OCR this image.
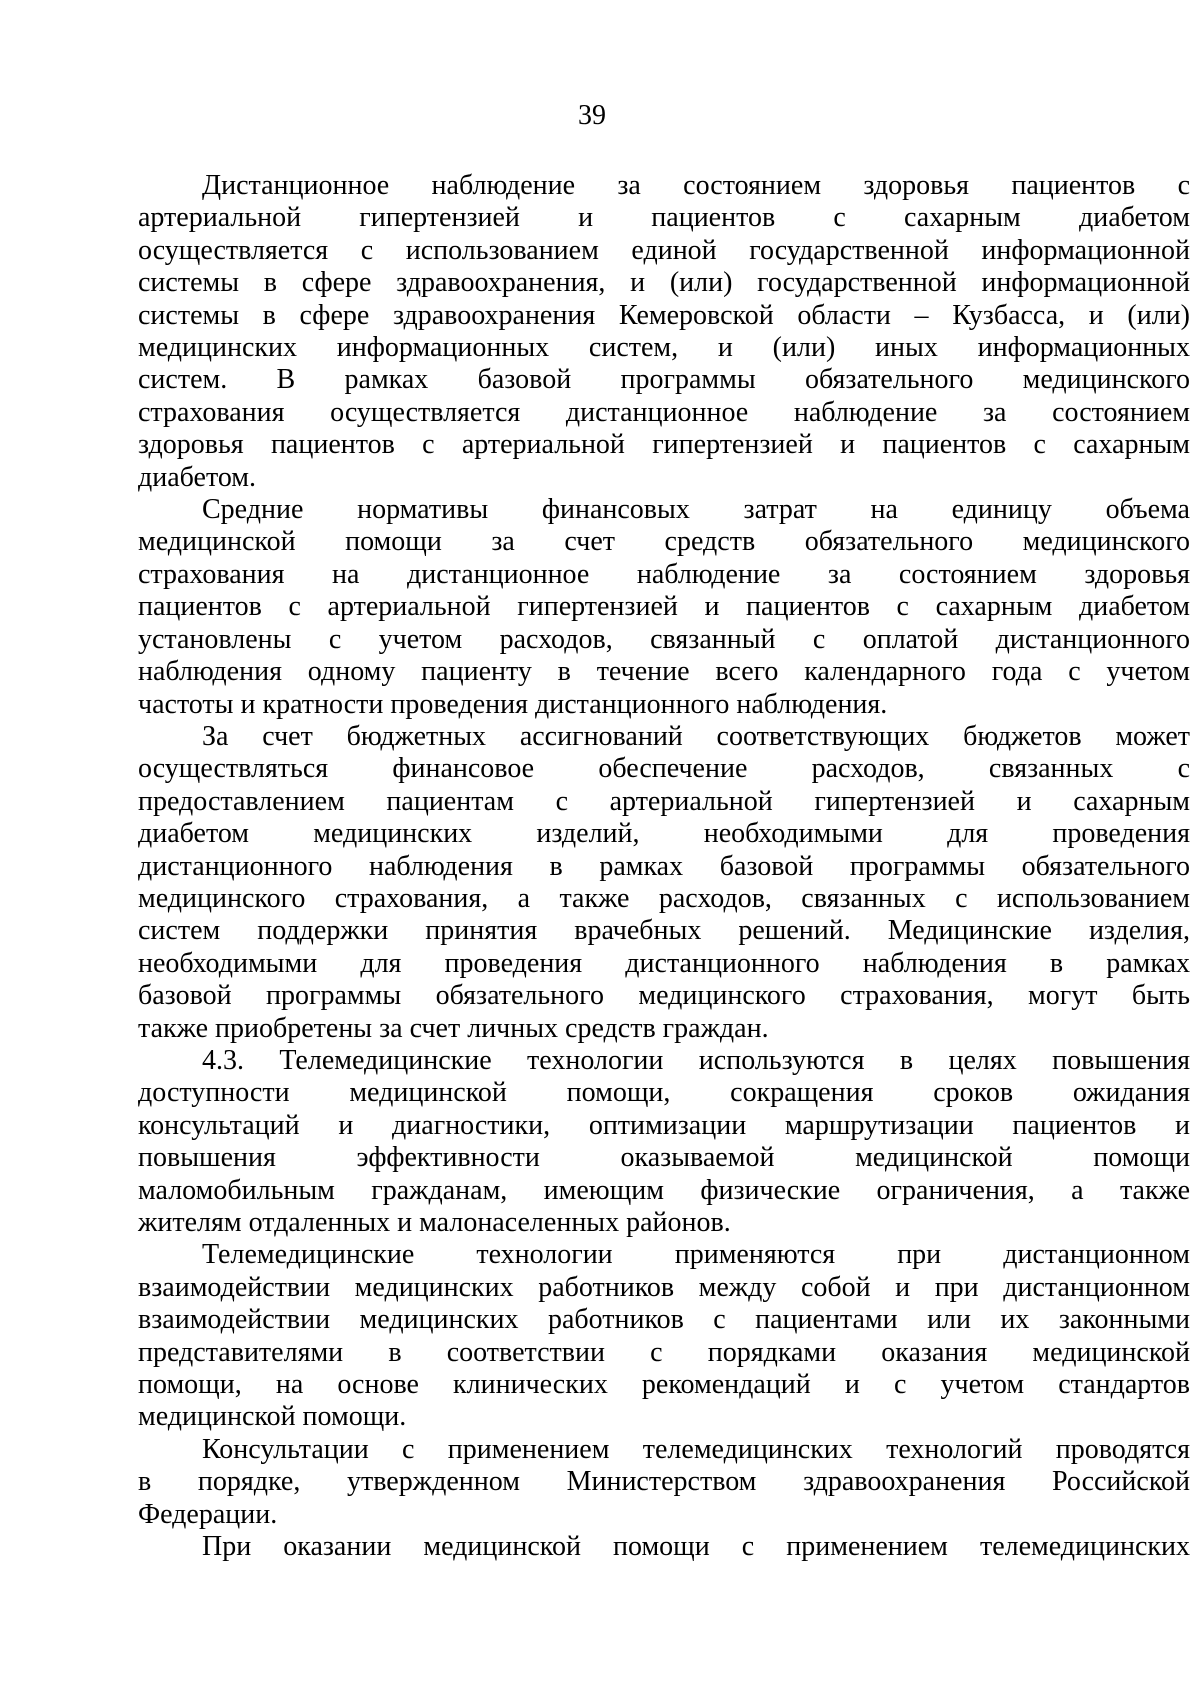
39
Дистанционное наблюдение за состоянием здоровья пациентов с
артериальной гипертензией и пациентов с сахарным диабетом
осуществляется с использованием единой государственной информационной
системы в сфере здравоохранения, и (или) государственной информационной
системы в сфере здравоохранения Кемеровской области – Кузбасса, и (или)
медицинских информационных систем, и (или) иных информационных
систем. В рамках базовой программы обязательного медицинского
страхования осуществляется дистанционное наблюдение за состоянием
здоровья пациентов с артериальной гипертензией и пациентов с сахарным
диабетом.
Средние нормативы финансовых затрат на единицу объема
медицинской помощи за счет средств обязательного медицинского
страхования на дистанционное наблюдение за состоянием здоровья
пациентов с артериальной гипертензией и пациентов с сахарным диабетом
установлены с учетом расходов, связанный с оплатой дистанционного
наблюдения одному пациенту в течение всего календарного года с учетом
частоты и кратности проведения дистанционного наблюдения.
За счет бюджетных ассигнований соответствующих бюджетов может
осуществляться финансовое обеспечение расходов, связанных с
предоставлением пациентам с артериальной гипертензией и сахарным
диабетом медицинских изделий, необходимыми для проведения
дистанционного наблюдения в рамках базовой программы обязательного
медицинского страхования, а также расходов, связанных с использованием
систем поддержки принятия врачебных решений. Медицинские изделия,
необходимыми для проведения дистанционного наблюдения в рамках
базовой программы обязательного медицинского страхования, могут быть
также приобретены за счет личных средств граждан.
4.3. Телемедицинские технологии используются в целях повышения
доступности медицинской помощи, сокращения сроков ожидания
консультаций и диагностики, оптимизации маршрутизации пациентов и
повышения эффективности оказываемой медицинской помощи
маломобильным гражданам, имеющим физические ограничения, а также
жителям отдаленных и малонаселенных районов.
Телемедицинские технологии применяются при дистанционном
взаимодействии медицинских работников между собой и при дистанционном
взаимодействии медицинских работников с пациентами или их законными
представителями в соответствии с порядками оказания медицинской
помощи, на основе клинических рекомендаций и с учетом стандартов
медицинской помощи.
Консультации с применением телемедицинских технологий проводятся
в порядке, утвержденном Министерством здравоохранения Российской
Федерации.
При оказании медицинской помощи с применением телемедицинских
